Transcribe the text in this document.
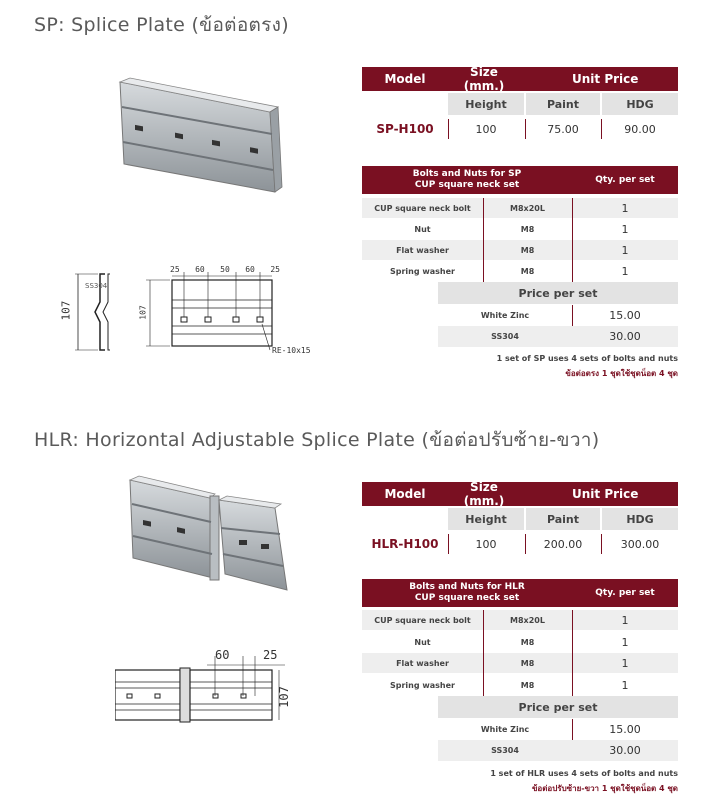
SP: Splice Plate (ข้อต่อตรง)
SS304
107	107
25 60 50 60 25
RE-10x15
Model	Size (mm.)	Unit Price
Height	Paint	HDG
SP-H100	100	75.00	90.00
Bolts and Nuts for SP
CUP square neck set	Qty. per set
CUP square neck bolt	M8x20L	1
Nut	M8	1
Flat washer	M8	1
Spring washer	M8	1
Price per set
White Zinc	15.00
SS304	30.00
1 set of SP uses 4 sets of bolts and nuts
ข้อต่อตรง 1 ชุดใช้ชุดน็อต 4 ชุด
HLR: Horizontal Adjustable Splice Plate (ข้อต่อปรับซ้าย-ขวา)
60	25
107
Model	Size (mm.)	Unit Price
Height	Paint	HDG
HLR-H100	100	200.00	300.00
Bolts and Nuts for HLR
CUP square neck set	Qty. per set
CUP square neck bolt	M8x20L	1
Nut	M8	1
Flat washer	M8	1
Spring washer	M8	1
Price per set
White Zinc	15.00
SS304	30.00
1 set of HLR uses 4 sets of bolts and nuts
ข้อต่อปรับซ้าย-ขวา 1 ชุดใช้ชุดน็อต 4 ชุด
